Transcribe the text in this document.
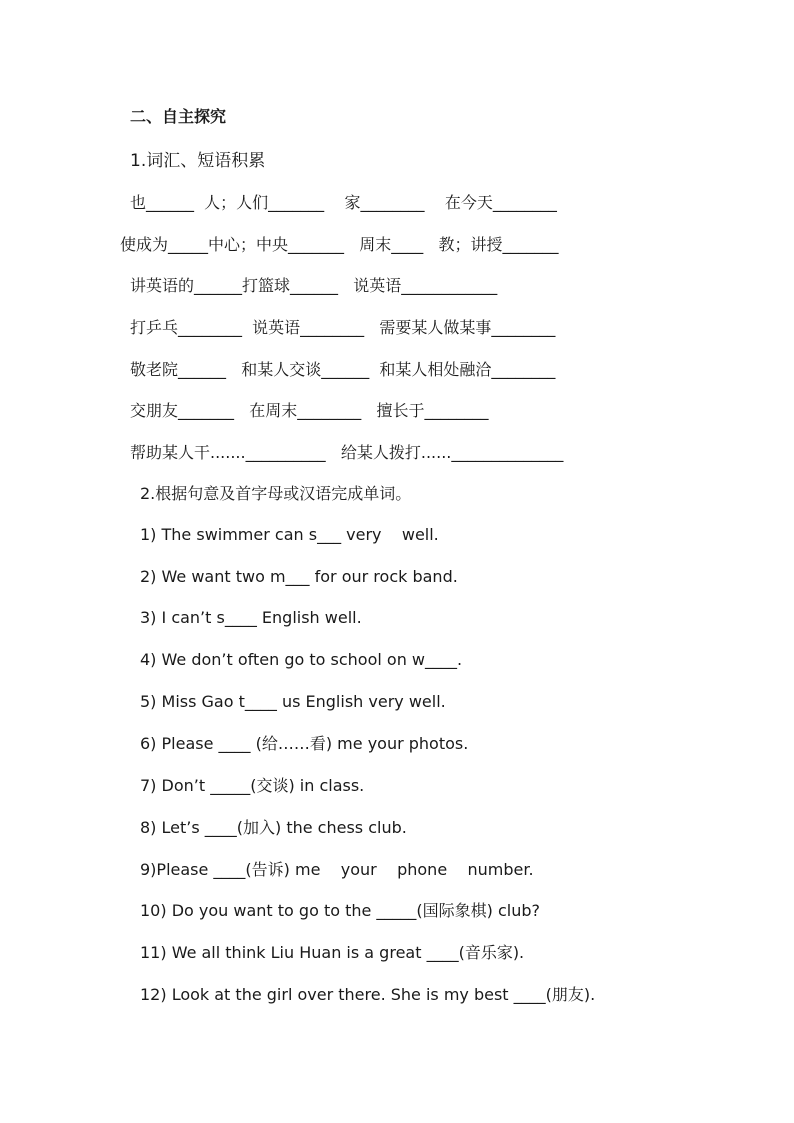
二、自主探究
1.词汇、短语积累
也______  人；人们_______    家________    在今天________
使成为_____中心；中央_______   周末____   教；讲授_______
讲英语的______打篮球______   说英语____________
打乒乓________  说英语________   需要某人做某事________
敬老院______   和某人交谈______  和某人相处融洽________
交朋友_______   在周末________   擅长于________
帮助某人干.......__________   给某人拨打......______________
2.根据句意及首字母或汉语完成单词。
1) The swimmer can s___ very    well.
2) We want two m___ for our rock band.
3) I can’t s____ English well.
4) We don’t often go to school on w____.
5) Miss Gao t____ us English very well.
6) Please ____ (给……看) me your photos.
7) Don’t _____(交谈) in class.
8) Let’s ____(加入) the chess club.
9)Please ____(告诉) me    your    phone    number.
10) Do you want to go to the _____(国际象棋) club?
11) We all think Liu Huan is a great ____(音乐家).
12) Look at the girl over there. She is my best ____(朋友).
